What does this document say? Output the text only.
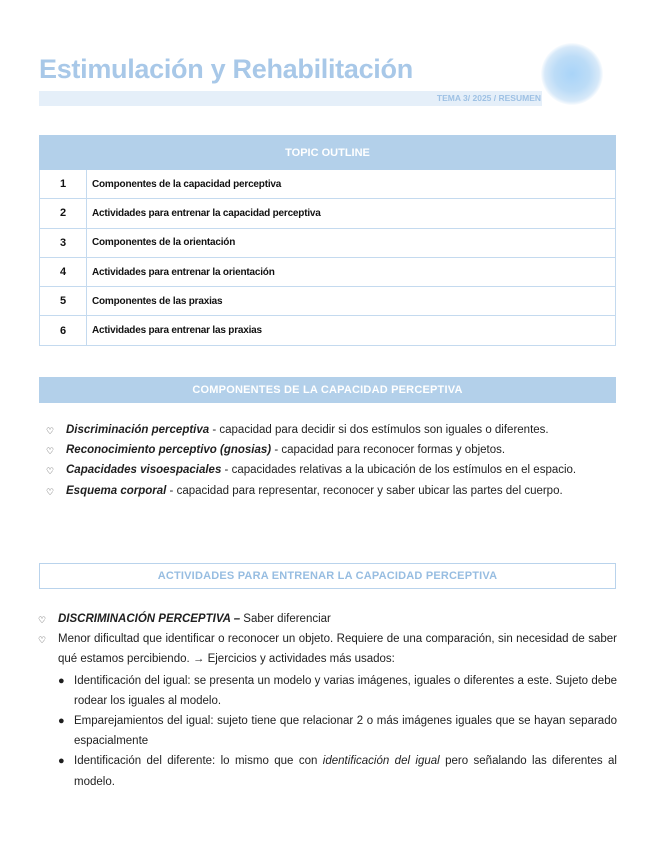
Estimulación y Rehabilitación
TEMA 3/ 2025 / RESUMEN
TOPIC OUTLINE	
1	Componentes de la capacidad perceptiva
2	Actividades para entrenar la capacidad perceptiva
3	Componentes de la orientación
4	Actividades para entrenar la orientación
5	Componentes de las praxias
6	Actividades para entrenar las praxias
COMPONENTES DE LA CAPACIDAD PERCEPTIVA
♡ Discriminación perceptiva - capacidad para decidir si dos estímulos son iguales o diferentes.
♡ Reconocimiento perceptivo (gnosias) - capacidad para reconocer formas y objetos.
♡ Capacidades visoespaciales - capacidades relativas a la ubicación de los estímulos en el espacio.
♡ Esquema corporal - capacidad para representar, reconocer y saber ubicar las partes del cuerpo.
ACTIVIDADES PARA ENTRENAR LA CAPACIDAD PERCEPTIVA
♡ DISCRIMINACIÓN PERCEPTIVA – Saber diferenciar
♡ Menor dificultad que identificar o reconocer un objeto. Requiere de una comparación, sin necesidad de saber qué estamos percibiendo. → Ejercicios y actividades más usados:
● Identificación del igual: se presenta un modelo y varias imágenes, iguales o diferentes a este. Sujeto debe rodear los iguales al modelo.
● Emparejamientos del igual: sujeto tiene que relacionar 2 o más imágenes iguales que se hayan separado espacialmente
● Identificación del diferente: lo mismo que con identificación del igual pero señalando las diferentes al modelo.
